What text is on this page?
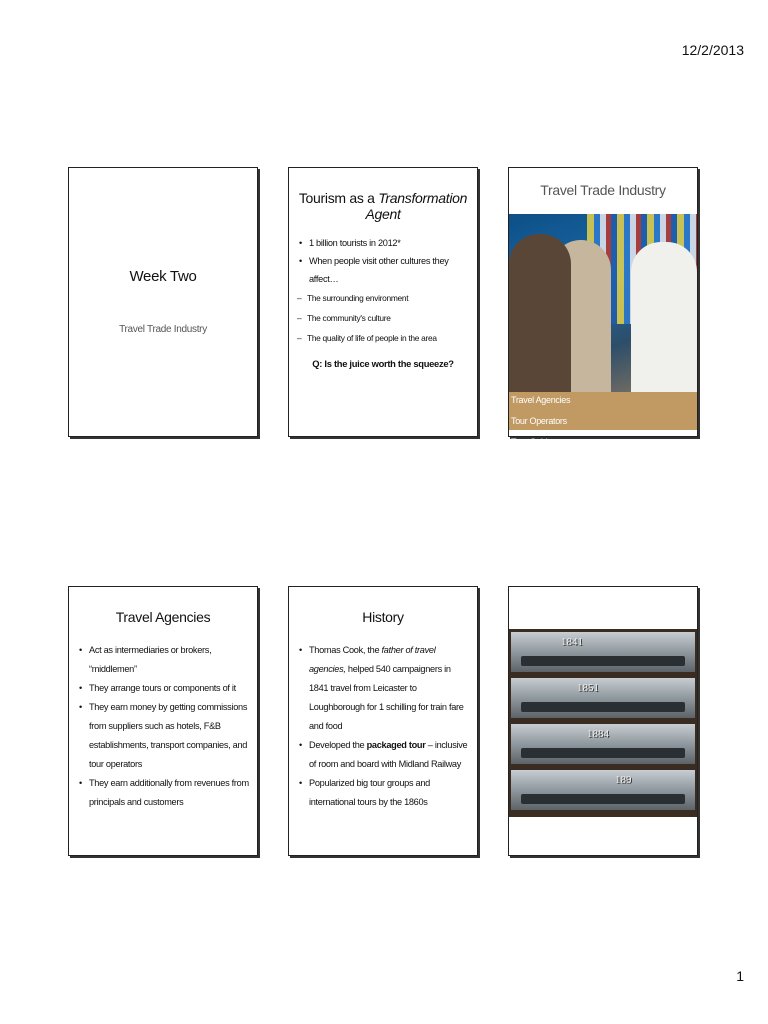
12/2/2013
Week Two
Travel Trade Industry
Tourism as a Transformation Agent
• 1 billion tourists in 2012*
• When people visit other cultures they affect…
– The surrounding environment
– The community's culture
– The quality of life of people in the area
Q: Is the juice worth the squeeze?
Travel Trade Industry
Travel Agencies
Tour Operators
Tour Guides
Travel Agencies
• Act as intermediaries or brokers, “middlemen”
• They arrange tours or components of it
• They earn money by getting commissions from suppliers such as hotels, F&B establishments, transport companies, and tour operators
• They earn additionally from revenues from principals and customers
History
• Thomas Cook, the father of travel agencies, helped 540 campaigners in 1841 travel from Leicaster to Loughborough for 1 schilling for train fare and food
• Developed the packaged tour – inclusive of room and board with Midland Railway
• Popularized big tour groups and international tours by the 1860s
1841
1851
1884
189
1
